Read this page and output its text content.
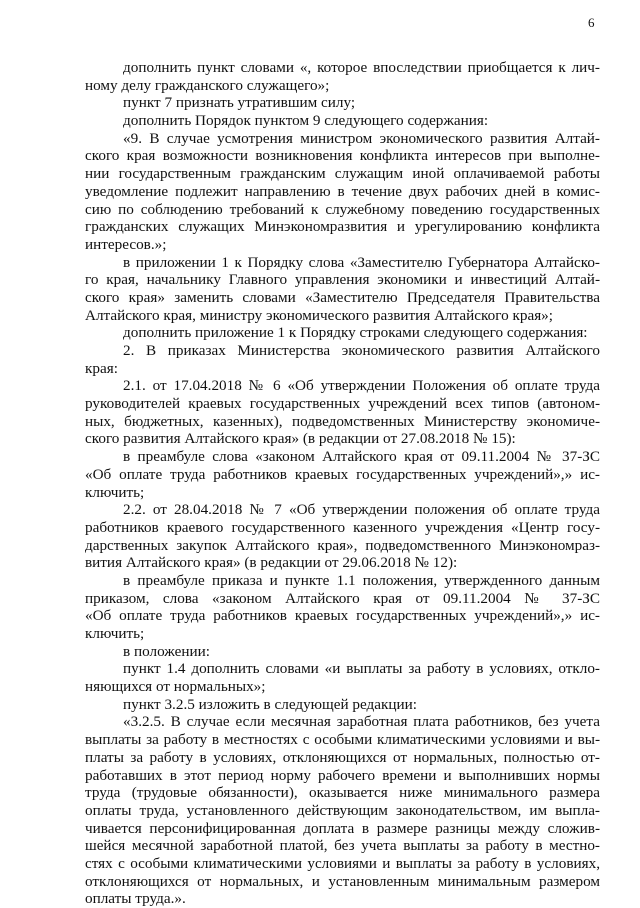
6
дополнить пункт словами «, которое впоследствии приобщается к лич-
ному делу гражданского служащего»;
пункт 7 признать утратившим силу;
дополнить Порядок пунктом 9 следующего содержания:
«9. В случае усмотрения министром экономического развития Алтай-
ского края возможности возникновения конфликта интересов при выполне-
нии государственным гражданским служащим иной оплачиваемой работы
уведомление подлежит направлению в течение двух рабочих дней в комис-
сию по соблюдению требований к служебному поведению государственных
гражданских служащих Минэкономразвития и урегулированию конфликта
интересов.»;
в приложении 1 к Порядку слова «Заместителю Губернатора Алтайско-
го края, начальнику Главного управления экономики и инвестиций Алтай-
ского края» заменить словами «Заместителю Председателя Правительства
Алтайского края, министру экономического развития Алтайского края»;
дополнить приложение 1 к Порядку строками следующего содержания:
2. В приказах Министерства экономического развития Алтайского
края:
2.1. от 17.04.2018 № 6 «Об утверждении Положения об оплате труда
руководителей краевых государственных учреждений всех типов (автоном-
ных, бюджетных, казенных), подведомственных Министерству экономиче-
ского развития Алтайского края» (в редакции от 27.08.2018 № 15):
в преамбуле слова «законом Алтайского края от 09.11.2004 № 37-ЗС
«Об оплате труда работников краевых государственных учреждений»,» ис-
ключить;
2.2. от 28.04.2018 № 7 «Об утверждении положения об оплате труда
работников краевого государственного казенного учреждения «Центр госу-
дарственных закупок Алтайского края», подведомственного Минэкономраз-
вития Алтайского края» (в редакции от 29.06.2018 № 12):
в преамбуле приказа и пункте 1.1 положения, утвержденного данным
приказом, слова «законом Алтайского края от 09.11.2004 № 37-ЗС
«Об оплате труда работников краевых государственных учреждений»,» ис-
ключить;
в положении:
пункт 1.4 дополнить словами «и выплаты за работу в условиях, откло-
няющихся от нормальных»;
пункт 3.2.5 изложить в следующей редакции:
«3.2.5. В случае если месячная заработная плата работников, без учета
выплаты за работу в местностях с особыми климатическими условиями и вы-
платы за работу в условиях, отклоняющихся от нормальных, полностью от-
работавших в этот период норму рабочего времени и выполнивших нормы
труда (трудовые обязанности), оказывается ниже минимального размера
оплаты труда, установленного действующим законодательством, им выпла-
чивается персонифицированная доплата в размере разницы между сложив-
шейся месячной заработной платой, без учета выплаты за работу в местно-
стях с особыми климатическими условиями и выплаты за работу в условиях,
отклоняющихся от нормальных, и установленным минимальным размером
оплаты труда.».
